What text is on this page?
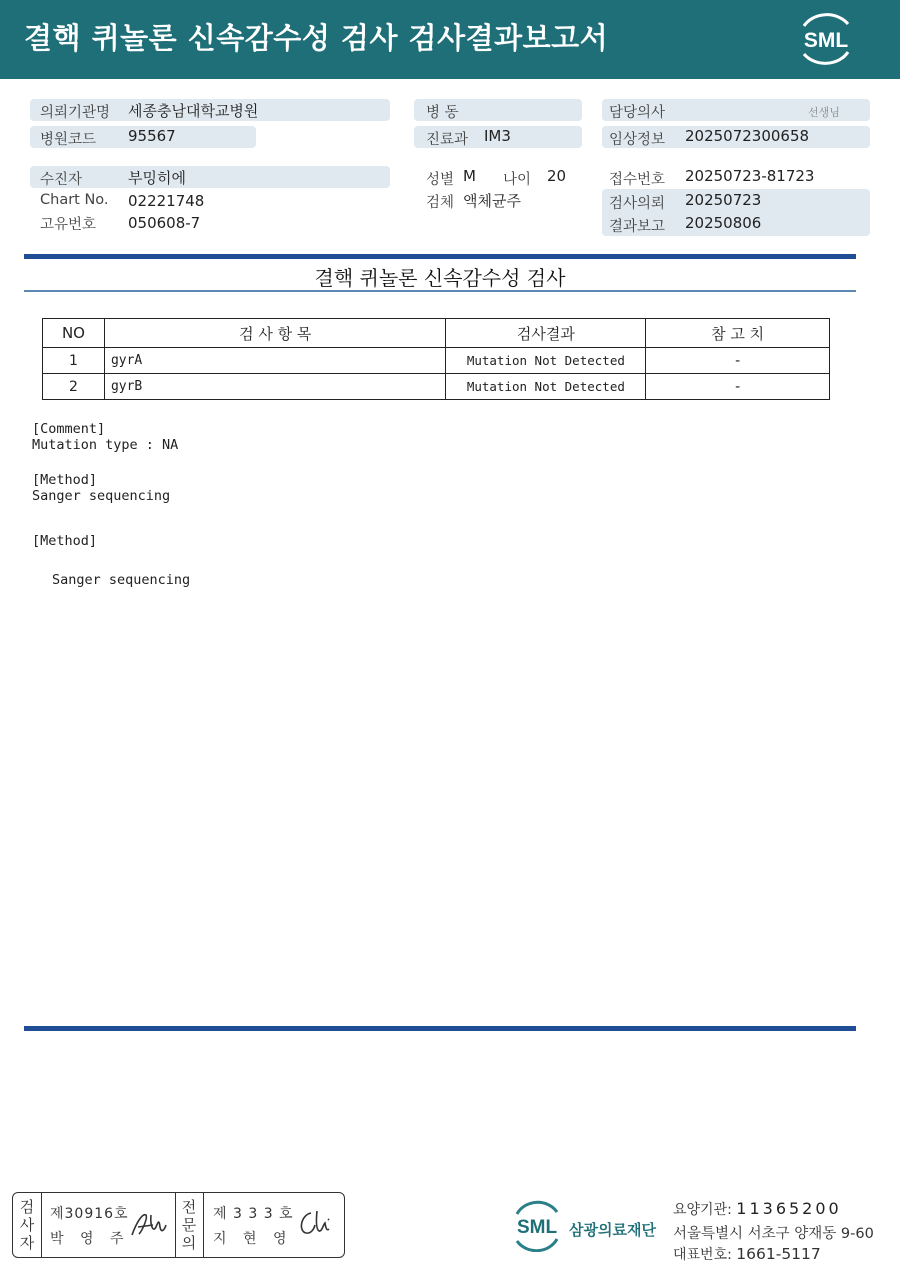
결핵 퀴놀론 신속감수성 검사 검사결과보고서	SML
의뢰기관명 세종충남대학교병원	병 동	담당의사	선생님
병원코드 95567	진료과 IM3	임상정보 2025072300658
수진자	부밍히에
Chart No. 02221748
고유번호 050608-7
성별 M 나이 20
검체 액체균주
접수번호 20250723-81723
검사의뢰 20250723
결과보고 20250806
결핵 퀴놀론 신속감수성 검사
NO	검 사 항 목	검사결과	참 고 치
1	gyrA	Mutation Not Detected	-
2	gyrB	Mutation Not Detected	-
[Comment]
Mutation type : NA
[Method]
Sanger sequencing
[Method]
Sanger sequencing
검사자
제30916호
박 영 주
전문의
제 3 3 3 호
지 현 영
SML 삼광의료재단
요양기관: 11365200
서울특별시 서초구 양재동 9-60
대표번호: 1661-5117
